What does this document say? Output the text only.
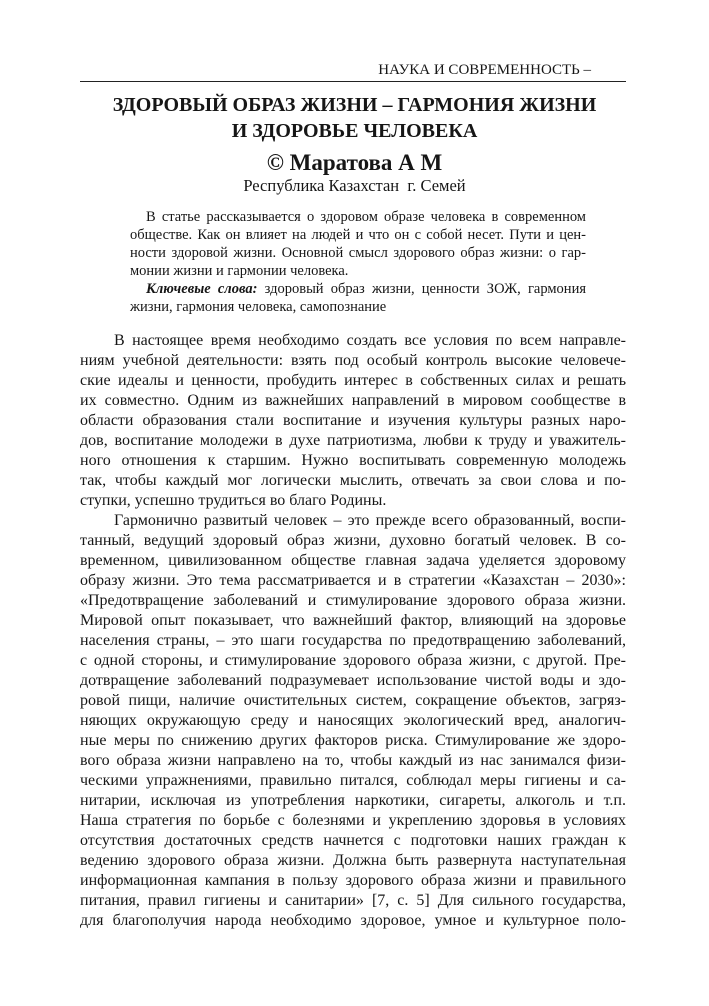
НАУКА И СОВРЕМЕННОСТЬ –
ЗДОРОВЫЙ ОБРАЗ ЖИЗНИ – ГАРМОНИЯ ЖИЗНИ
И ЗДОРОВЬЕ ЧЕЛОВЕКА
© Маратова А М
Республика Казахстан  г. Семей
В статье рассказывается о здоровом образе человека в современном
обществе. Как он влияет на людей и что он с собой несет. Пути и цен-
ности здоровой жизни. Основной смысл здорового образ жизни: о гар-
монии жизни и гармонии человека.
Ключевые слова: здоровый образ жизни, ценности ЗОЖ, гармония
жизни, гармония человека, самопознание
В настоящее время необходимо создать все условия по всем направле-
ниям учебной деятельности: взять под особый контроль высокие человече-
ские идеалы и ценности, пробудить интерес в собственных силах и решать
их совместно. Одним из важнейших направлений в мировом сообществе в
области образования стали воспитание и изучения культуры разных наро-
дов, воспитание молодежи в духе патриотизма, любви к труду и уважитель-
ного отношения к старшим. Нужно воспитывать современную молодежь
так, чтобы каждый мог логически мыслить, отвечать за свои слова и по-
ступки, успешно трудиться во благо Родины.
Гармонично развитый человек – это прежде всего образованный, воспи-
танный, ведущий здоровый образ жизни, духовно богатый человек. В со-
временном, цивилизованном обществе главная задача уделяется здоровому
образу жизни. Это тема рассматривается и в стратегии «Казахстан – 2030»:
«Предотвращение заболеваний и стимулирование здорового образа жизни.
Мировой опыт показывает, что важнейший фактор, влияющий на здоровье
населения страны, – это шаги государства по предотвращению заболеваний,
с одной стороны, и стимулирование здорового образа жизни, с другой. Пре-
дотвращение заболеваний подразумевает использование чистой воды и здо-
ровой пищи, наличие очистительных систем, сокращение объектов, загряз-
няющих окружающую среду и наносящих экологический вред, аналогич-
ные меры по снижению других факторов риска. Стимулирование же здоро-
вого образа жизни направлено на то, чтобы каждый из нас занимался физи-
ческими упражнениями, правильно питался, соблюдал меры гигиены и са-
нитарии, исключая из употребления наркотики, сигареты, алкоголь и т.п.
Наша стратегия по борьбе с болезнями и укреплению здоровья в условиях
отсутствия достаточных средств начнется с подготовки наших граждан к
ведению здорового образа жизни. Должна быть развернута наступательная
информационная кампания в пользу здорового образа жизни и правильного
питания, правил гигиены и санитарии» [7, с. 5] Для сильного государства,
для благополучия народа необходимо здоровое, умное и культурное поло-
